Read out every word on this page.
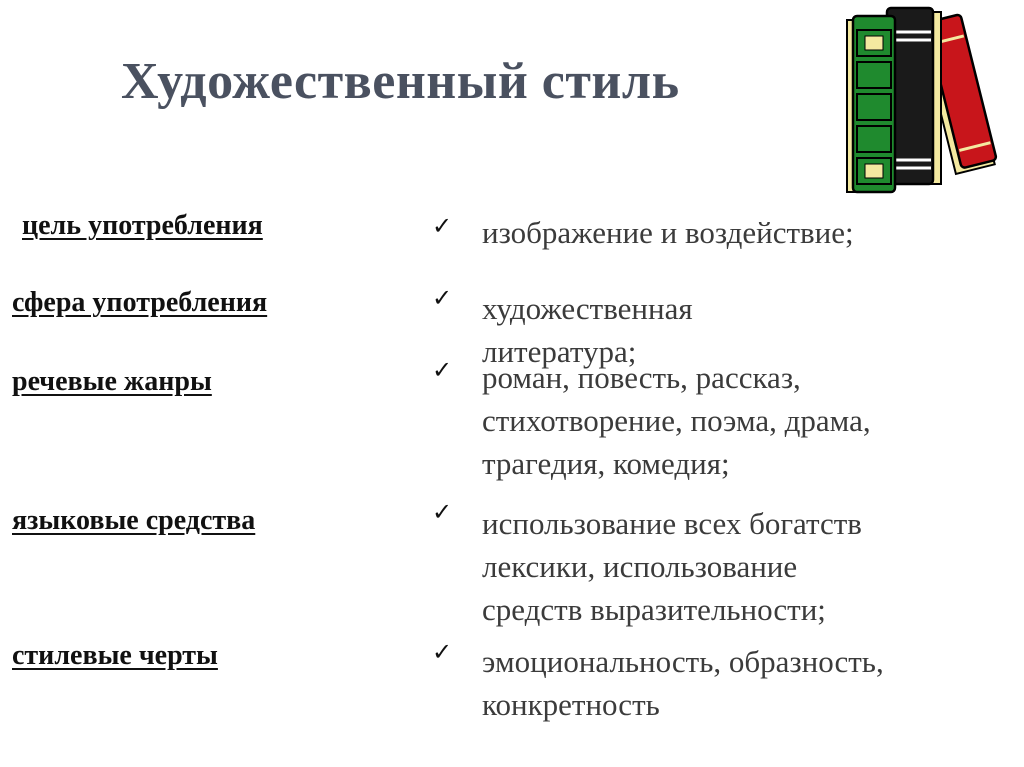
Художественный стиль
цель употребления	✓ изображение и воздействие;
сфера употребления	✓ художественная
литература;
речевые жанры	✓ роман, повесть, рассказ,
стихотворение, поэма, драма,
трагедия, комедия;
языковые средства	✓ использование всех богатств
лексики, использование
средств выразительности;
стилевые черты	✓ эмоциональность, образность,
конкретность
